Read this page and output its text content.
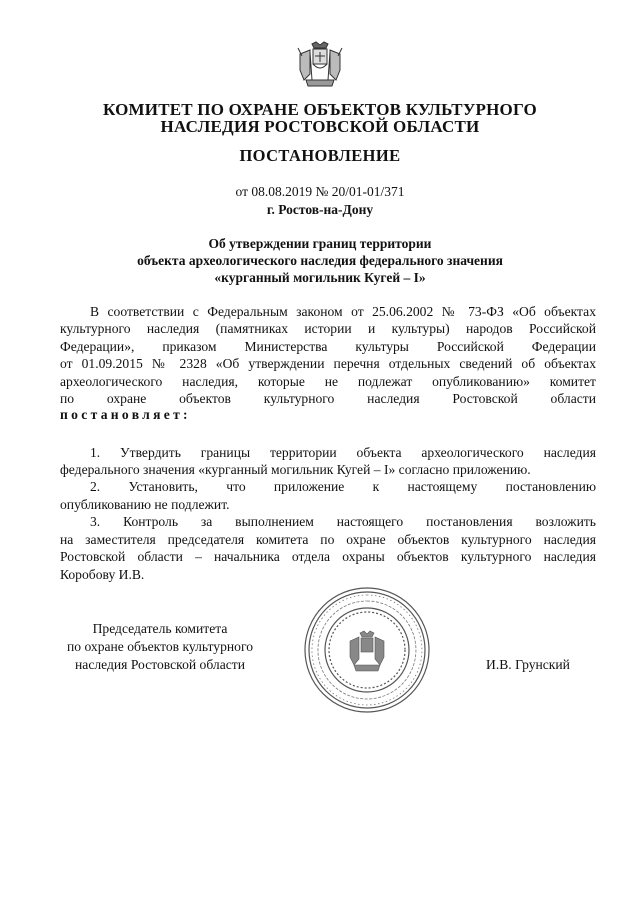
КОМИТЕТ ПО ОХРАНЕ ОБЪЕКТОВ КУЛЬТУРНОГО
НАСЛЕДИЯ РОСТОВСКОЙ ОБЛАСТИ
ПОСТАНОВЛЕНИЕ
от 08.08.2019 № 20/01-01/371
г. Ростов-на-Дону
Об утверждении границ территории
объекта археологического наследия федерального значения
«курганный могильник Кугей – I»
В соответствии с Федеральным законом от 25.06.2002 № 73-ФЗ «Об объектах
культурного наследия (памятниках истории и культуры) народов Российской
Федерации», приказом Министерства культуры Российской Федерации
от 01.09.2015 № 2328 «Об утверждении перечня отдельных сведений об объектах
археологического наследия, которые не подлежат опубликованию» комитет
по охране объектов культурного наследия Ростовской области
постановляет:
1. Утвердить границы территории объекта археологического наследия
федерального значения «курганный могильник Кугей – I» согласно приложению.
2. Установить, что приложение к настоящему постановлению
опубликованию не подлежит.
3. Контроль за выполнением настоящего постановления возложить
на заместителя председателя комитета по охране объектов культурного наследия
Ростовской области – начальника отдела охраны объектов культурного наследия
Коробову И.В.
Председатель комитета
по охране объектов культурного
наследия Ростовской области	И.В. Грунский
